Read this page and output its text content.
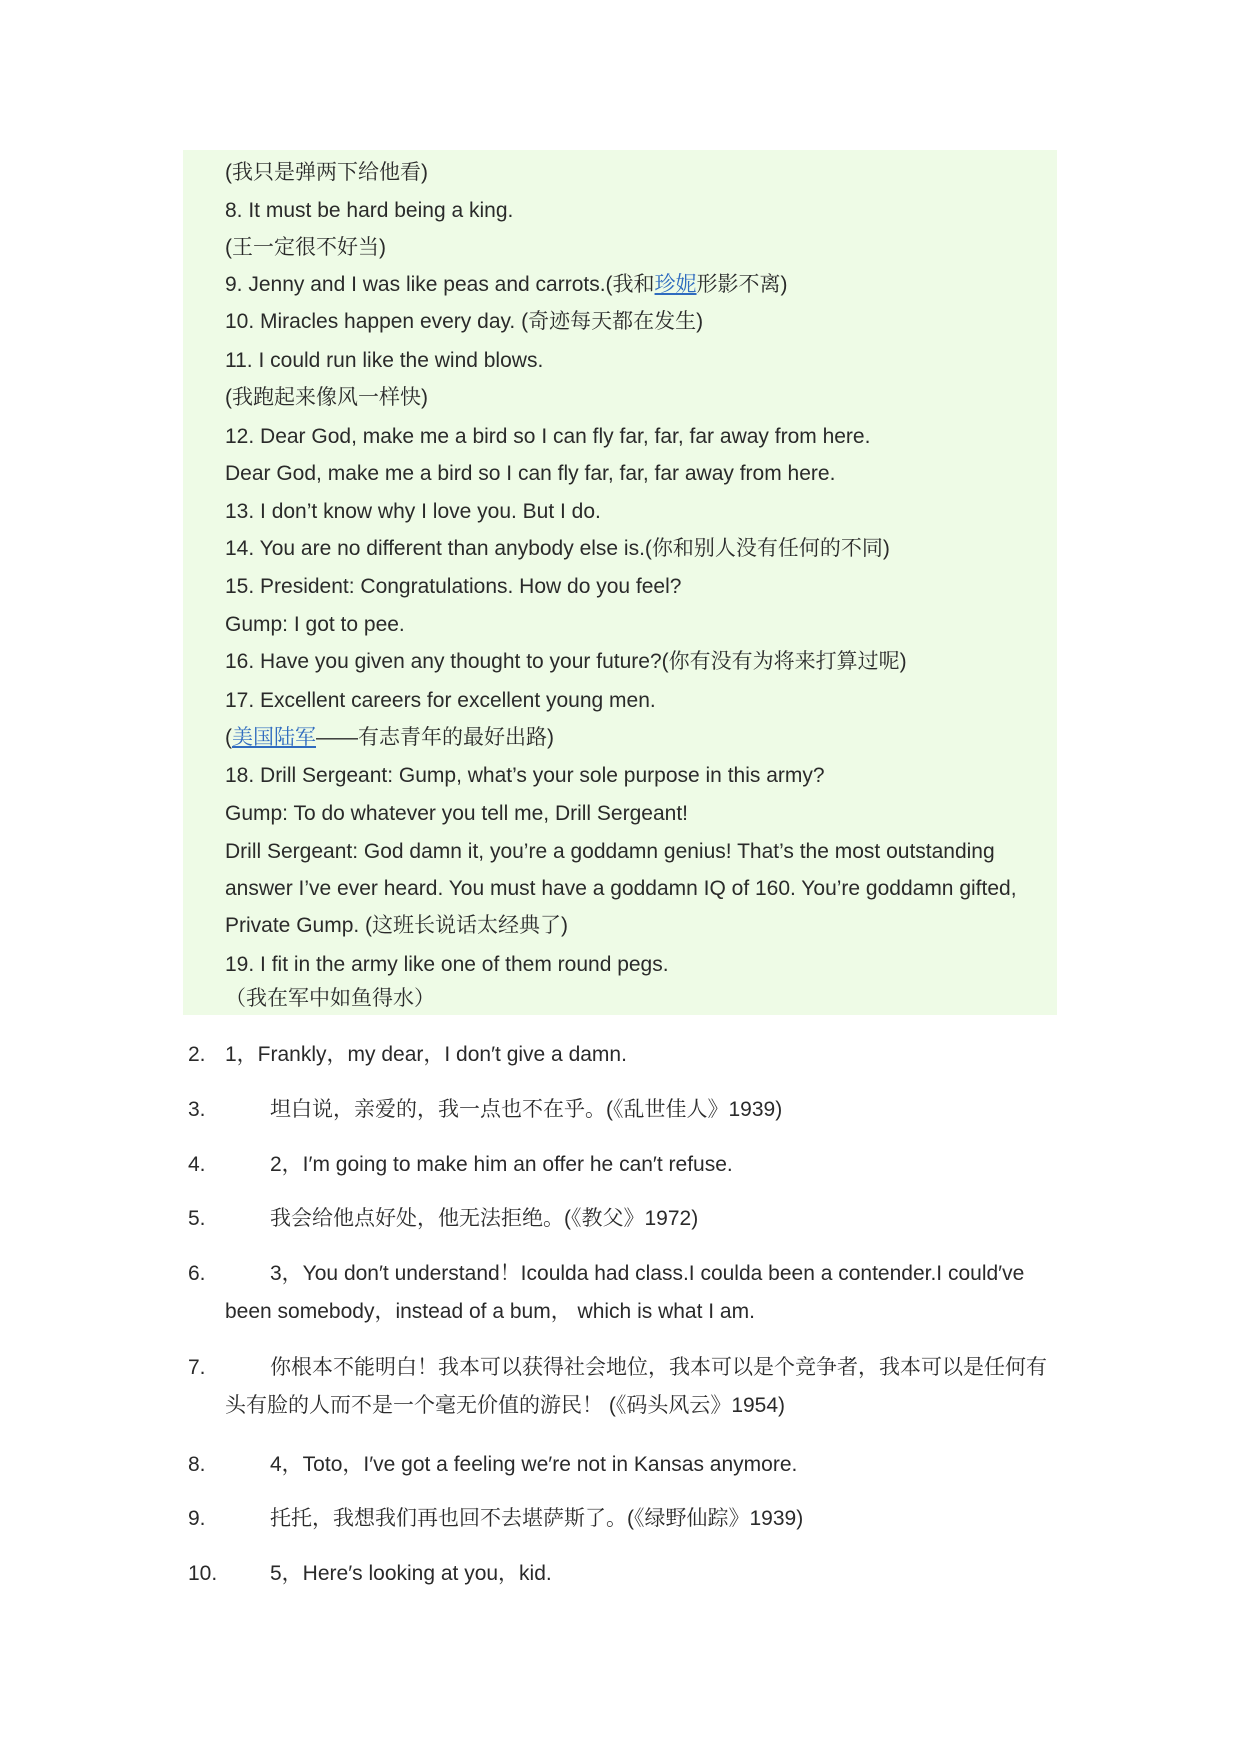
(我只是弹两下给他看)
8. It must be hard being a king.
(王一定很不好当)
9. Jenny and I was like peas and carrots.(我和珍妮形影不离)
10. Miracles happen every day. (奇迹每天都在发生)
11. I could run like the wind blows.
(我跑起来像风一样快)
12. Dear God, make me a bird so I can fly far, far, far away from here.
Dear God, make me a bird so I can fly far, far, far away from here.
13. I don’t know why I love you. But I do.
14. You are no different than anybody else is.(你和别人没有任何的不同)
15. President: Congratulations. How do you feel?
Gump: I got to pee.
16. Have you given any thought to your future?(你有没有为将来打算过呢)
17. Excellent careers for excellent young men.
(美国陆军——有志青年的最好出路)
18. Drill Sergeant: Gump, what’s your sole purpose in this army?
Gump: To do whatever you tell me, Drill Sergeant!
Drill Sergeant: God damn it, you’re a goddamn genius! That’s the most outstanding
answer I’ve ever heard. You must have a goddamn IQ of 160. You’re goddamn gifted,
Private Gump. (这班长说话太经典了)
19. I fit in the army like one of them round pegs.
（我在军中如鱼得水）
2. 1，Frankly，my dear，I don′t give a damn.
3.	坦白说，亲爱的，我一点也不在乎。(《乱世佳人》1939)
4.	2，I′m going to make him an offer he can′t refuse.
5.	我会给他点好处，他无法拒绝。(《教父》1972)
6.	3，You don′t understand！Icoulda had class.I coulda been a contender.I could′ve been somebody，instead of a bum， which is what I am.
7.	你根本不能明白！我本可以获得社会地位，我本可以是个竞争者，我本可以是任何有头有脸的人而不是一个毫无价值的游民！ (《码头风云》1954)
8.	4，Toto，I′ve got a feeling we′re not in Kansas anymore.
9.	托托，我想我们再也回不去堪萨斯了。(《绿野仙踪》1939)
10.	5，Here′s looking at you，kid.
